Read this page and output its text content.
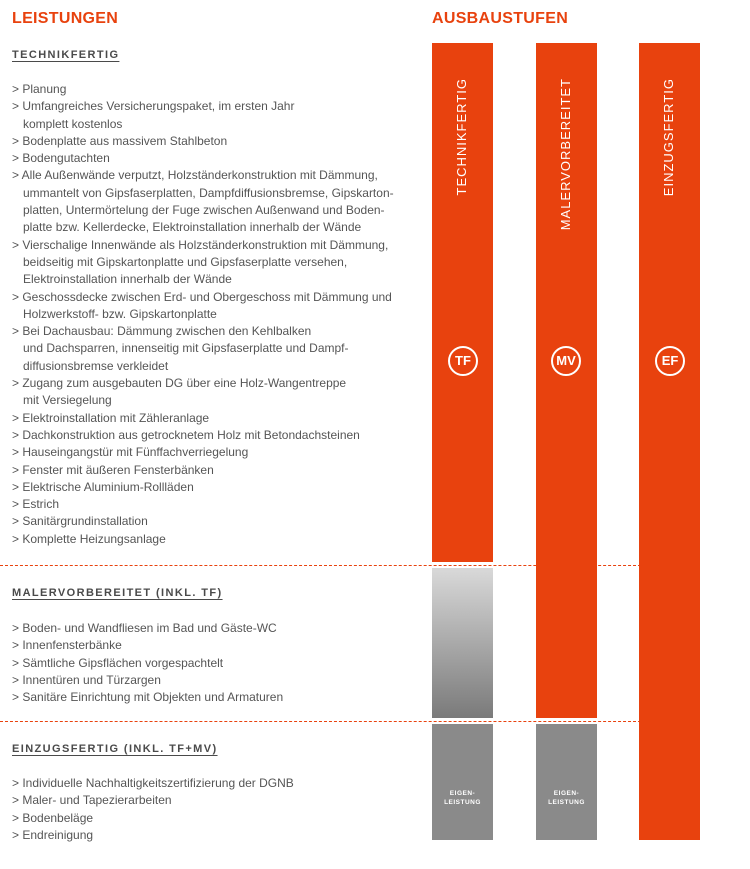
LEISTUNGEN	AUSBAUSTUFEN
TECHNIKFERTIG
> Planung
> Umfangreiches Versicherungspaket, im ersten Jahr
komplett kostenlos
> Bodenplatte aus massivem Stahlbeton
> Bodengutachten
> Alle Außenwände verputzt, Holzständerkonstruktion mit Dämmung,
ummantelt von Gipsfaserplatten, Dampfdiffusionsbremse, Gipskarton-
platten, Untermörtelung der Fuge zwischen Außenwand und Boden-
platte bzw. Kellerdecke, Elektroinstallation innerhalb der Wände
> Vierschalige Innenwände als Holzständerkonstruktion mit Dämmung,
beidseitig mit Gipskartonplatte und Gipsfaserplatte versehen,
Elektroinstallation innerhalb der Wände
> Geschossdecke zwischen Erd- und Obergeschoss mit Dämmung und
Holzwerkstoff- bzw. Gipskartonplatte
> Bei Dachausbau: Dämmung zwischen den Kehlbalken
und Dachsparren, innenseitig mit Gipsfaserplatte und Dampf-
diffusionsbremse verkleidet
> Zugang zum ausgebauten DG über eine Holz-Wangentreppe
mit Versiegelung
> Elektroinstallation mit Zähleranlage
> Dachkonstruktion aus getrocknetem Holz mit Betondachsteinen
> Hauseingangstür mit Fünffachverriegelung
> Fenster mit äußeren Fensterbänken
> Elektrische Aluminium-Rollläden
> Estrich
> Sanitärgrundinstallation
> Komplette Heizungsanlage
MALERVORBEREITET (INKL. TF)
> Boden- und Wandfliesen im Bad und Gäste-WC
> Innenfensterbänke
> Sämtliche Gipsflächen vorgespachtelt
> Innentüren und Türzargen
> Sanitäre Einrichtung mit Objekten und Armaturen
EINZUGSFERTIG (INKL. TF+MV)
> Individuelle Nachhaltigkeitszertifizierung der DGNB
> Maler- und Tapezierarbeiten
> Bodenbeläge
> Endreinigung
TECHNIKFERTIG
TF
EIGEN-
LEISTUNG
MALERVORBEREITET
MV
EIGEN-
LEISTUNG
EINZUGSFERTIG
EF
